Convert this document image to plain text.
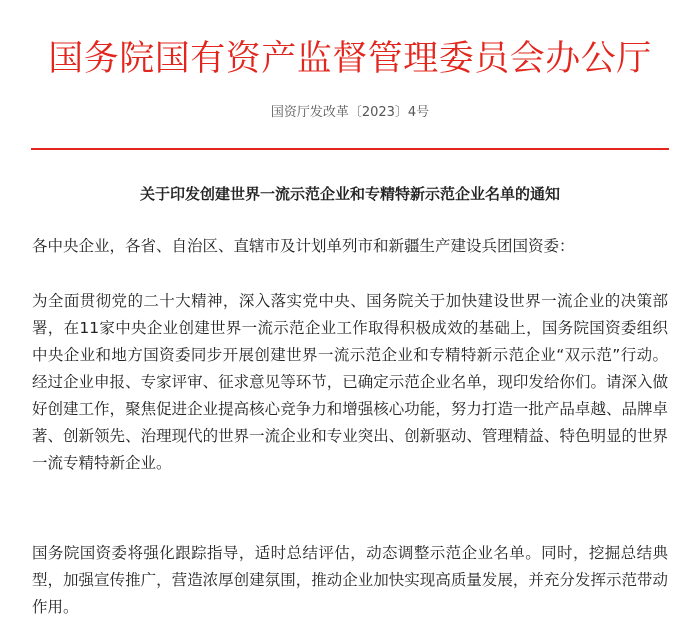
国务院国有资产监督管理委员会办公厅
国资厅发改革〔2023〕4号
关于印发创建世界一流示范企业和专精特新示范企业名单的通知
各中央企业，各省、自治区、直辖市及计划单列市和新疆生产建设兵团国资委：

为全面贯彻党的二十大精神，深入落实党中央、国务院关于加快建设世界一流企业的决策部署，在11家中央企业创建世界一流示范企业工作取得积极成效的基础上，国务院国资委组织中央企业和地方国资委同步开展创建世界一流示范企业和专精特新示范企业“双示范”行动。经过企业申报、专家评审、征求意见等环节，已确定示范企业名单，现印发给你们。请深入做好创建工作，聚焦促进企业提高核心竞争力和增强核心功能，努力打造一批产品卓越、品牌卓著、创新领先、治理现代的世界一流企业和专业突出、创新驱动、管理精益、特色明显的世界一流专精特新企业。

国务院国资委将强化跟踪指导，适时总结评估，动态调整示范企业名单。同时，挖掘总结典型，加强宣传推广，营造浓厚创建氛围，推动企业加快实现高质量发展，并充分发挥示范带动作用。
